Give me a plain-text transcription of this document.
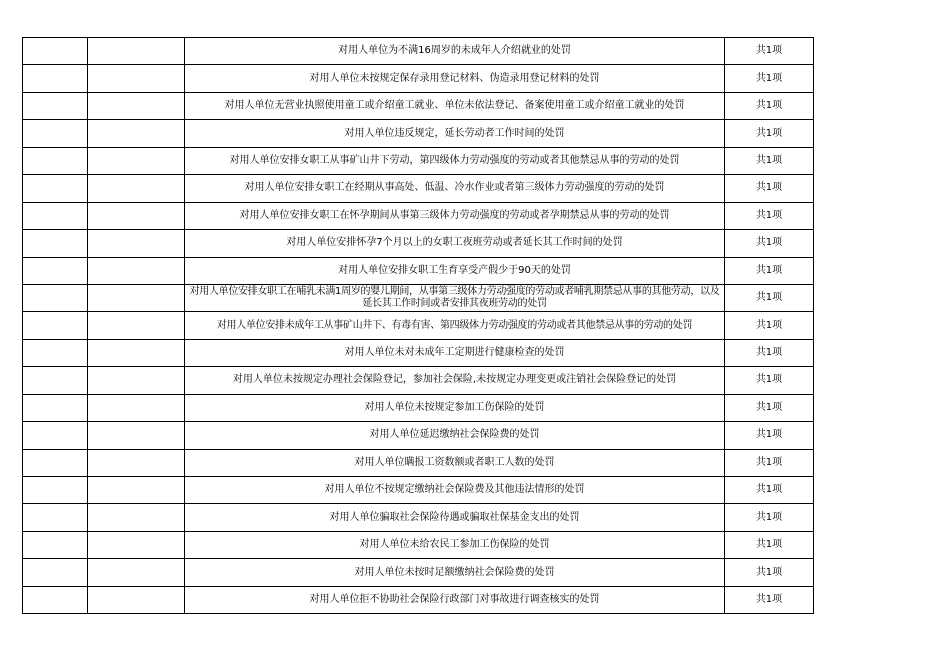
		对用人单位为不满16周岁的未成年人介绍就业的处罚	共1项
		对用人单位未按规定保存录用登记材料、伪造录用登记材料的处罚	共1项
		对用人单位无营业执照使用童工或介绍童工就业、单位未依法登记、备案使用童工或介绍童工就业的处罚	共1项
		对用人单位违反规定，延长劳动者工作时间的处罚	共1项
		对用人单位安排女职工从事矿山井下劳动，第四级体力劳动强度的劳动或者其他禁忌从事的劳动的处罚	共1项
		对用人单位安排女职工在经期从事高处、低温、冷水作业或者第三级体力劳动强度的劳动的处罚	共1项
		对用人单位安排女职工在怀孕期间从事第三级体力劳动强度的劳动或者孕期禁忌从事的劳动的处罚	共1项
		对用人单位安排怀孕7个月以上的女职工夜班劳动或者延长其工作时间的处罚	共1项
		对用人单位安排女职工生育享受产假少于90天的处罚	共1项
		对用人单位安排女职工在哺乳未满1周岁的婴儿期间，从事第三级体力劳动强度的劳动或者哺乳期禁忌从事的其他劳动，以及延长其工作时间或者安排其夜班劳动的处罚	共1项
		对用人单位安排未成年工从事矿山井下、有毒有害、第四级体力劳动强度的劳动或者其他禁忌从事的劳动的处罚	共1项
		对用人单位未对未成年工定期进行健康检查的处罚	共1项
		对用人单位未按规定办理社会保险登记，参加社会保险,未按规定办理变更或注销社会保险登记的处罚	共1项
		对用人单位未按规定参加工伤保险的处罚	共1项
		对用人单位延迟缴纳社会保险费的处罚	共1项
		对用人单位瞒报工资数额或者职工人数的处罚	共1项
		对用人单位不按规定缴纳社会保险费及其他违法情形的处罚	共1项
		对用人单位骗取社会保险待遇或骗取社保基金支出的处罚	共1项
		对用人单位未给农民工参加工伤保险的处罚	共1项
		对用人单位未按时足额缴纳社会保险费的处罚	共1项
		对用人单位拒不协助社会保险行政部门对事故进行调查核实的处罚	共1项
